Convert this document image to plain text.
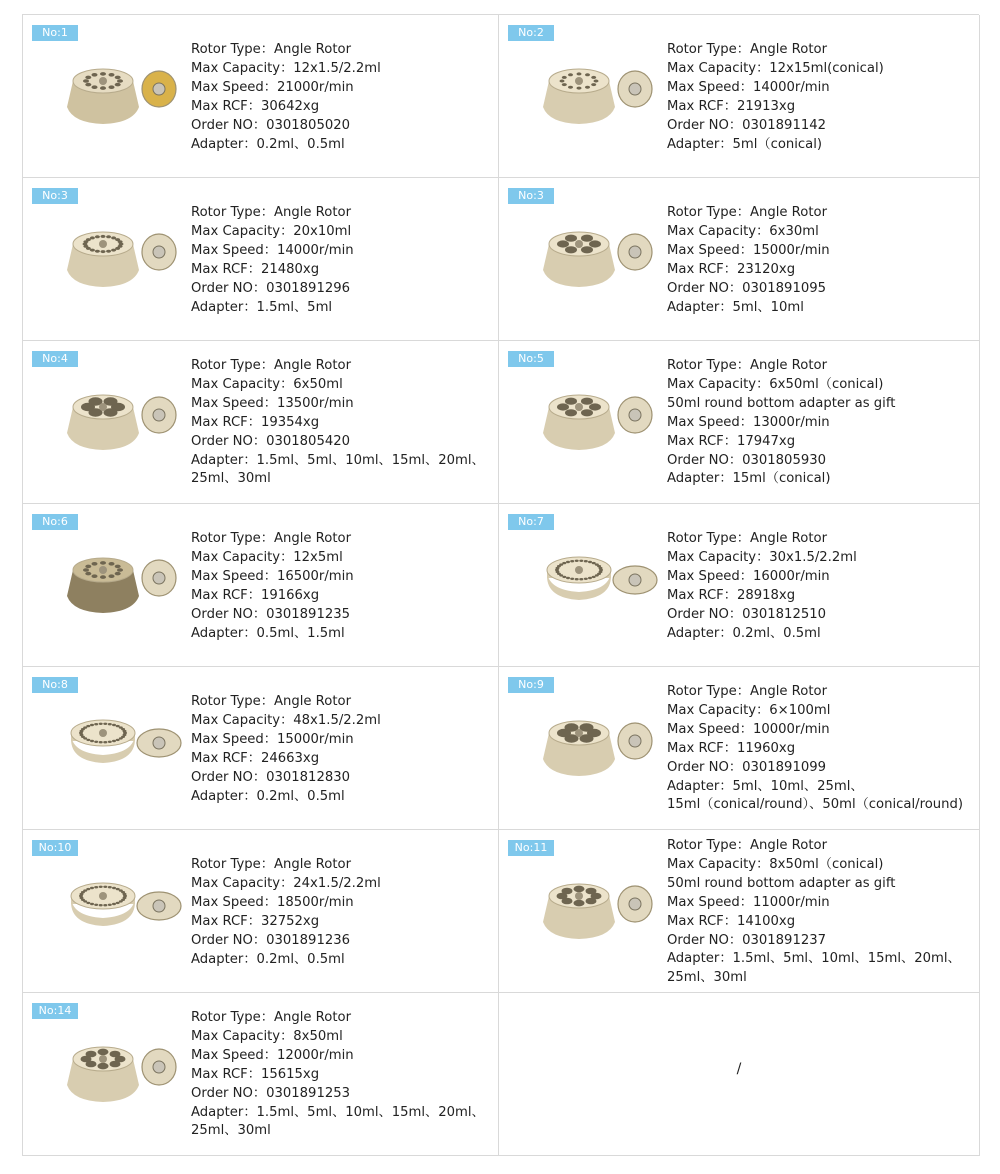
No:1
Rotor Type：Angle Rotor
Max Capacity：12x1.5/2.2ml
Max Speed：21000r/min
Max RCF：30642xg
Order NO：0301805020
Adapter：0.2ml、0.5ml
No:2
Rotor Type：Angle Rotor
Max Capacity：12x15ml(conical)
Max Speed：14000r/min
Max RCF：21913xg
Order NO：0301891142
Adapter：5ml（conical)
No:3
Rotor Type：Angle Rotor
Max Capacity：20x10ml
Max Speed：14000r/min
Max RCF：21480xg
Order NO：0301891296
Adapter：1.5ml、5ml
No:3
Rotor Type：Angle Rotor
Max Capacity：6x30ml
Max Speed：15000r/min
Max RCF：23120xg
Order NO：0301891095
Adapter：5ml、10ml
No:4	Rotor Type：Angle Rotor
Max Capacity：6x50ml
Max Speed：13500r/min
Max RCF：19354xg
Order NO：0301805420
Adapter：1.5ml、5ml、10ml、15ml、20ml、
25ml、30ml
No:5	Rotor Type：Angle Rotor
Max Capacity：6x50ml（conical)
50ml round bottom adapter as gift
Max Speed：13000r/min
Max RCF：17947xg
Order NO：0301805930
Adapter：15ml（conical)
No:6
Rotor Type：Angle Rotor
Max Capacity：12x5ml
Max Speed：16500r/min
Max RCF：19166xg
Order NO：0301891235
Adapter：0.5ml、1.5ml
No:7
Rotor Type：Angle Rotor
Max Capacity：30x1.5/2.2ml
Max Speed：16000r/min
Max RCF：28918xg
Order NO：0301812510
Adapter：0.2ml、0.5ml
No:8
Rotor Type：Angle Rotor
Max Capacity：48x1.5/2.2ml
Max Speed：15000r/min
Max RCF：24663xg
Order NO：0301812830
Adapter：0.2ml、0.5ml
No:9	Rotor Type：Angle Rotor
Max Capacity：6×100ml
Max Speed：10000r/min
Max RCF：11960xg
Order NO：0301891099
Adapter：5ml、10ml、25ml、
15ml（conical/round）、50ml（conical/round)
No:10
Rotor Type：Angle Rotor
Max Capacity：24x1.5/2.2ml
Max Speed：18500r/min
Max RCF：32752xg
Order NO：0301891236
Adapter：0.2ml、0.5ml
No:11	Rotor Type：Angle Rotor
Max Capacity：8x50ml（conical)
50ml round bottom adapter as gift
Max Speed：11000r/min
Max RCF：14100xg
Order NO：0301891237
Adapter：1.5ml、5ml、10ml、15ml、20ml、
25ml、30ml
No:14	Rotor Type：Angle Rotor
Max Capacity：8x50ml
Max Speed：12000r/min
Max RCF：15615xg
Order NO：0301891253
Adapter：1.5ml、5ml、10ml、15ml、20ml、
25ml、30ml
/
